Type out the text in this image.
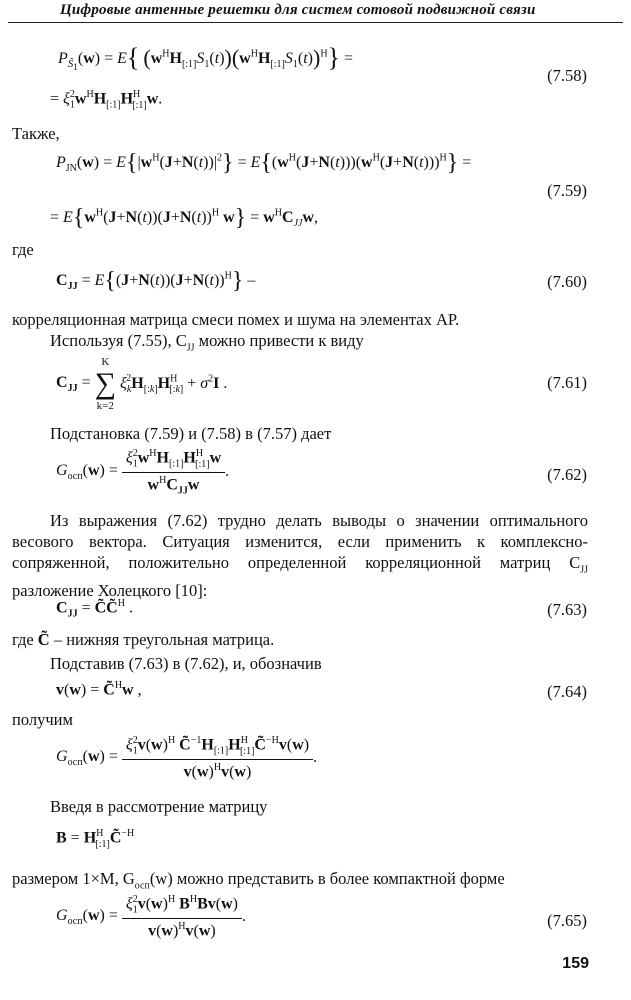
Цифровые антенные решетки для систем сотовой подвижной связи
$P_{S̃_1}(w) = E${ $(w^HH_{[:1]}S_1(t))(w^HH_{[:1]}S_1(t))^H$} =
(7.58)
= $\xi_1^2w^HH_{[:1]}H^H_{[:1]}w$.
Также,
$P_{JN}(w) = E\{|w^H(J+N(t))|^2\} = E\{(w^H(J+N(t)))(w^H(J+N(t)))^H\}$ =
(7.59)
= $E\{w^H(J+N(t))(J+N(t))^H$ $w\} = w^HC_{JJ}w$,
где
$C_{JJ} = E\{(J+N(t))(J+N(t))^H\}$ –	(7.60)
корреляционная матрица смеси помех и шума на элементах АР.
Используя (7.55), $C_{JJ}$ можно привести к виду
$C_{JJ}$ =
K
∑
k=2
$\xi_k^2H_{[:k]}H^H_{[:k]} + \sigma^2I$ .	(7.61)
Подстановка (7.59) и (7.58) в (7.57) дает
$G_{осп}(w) = \frac{\xi_1^2w^HH_{[:1]}H^H_{[:1]}w}{w^HC_{JJ}w}$ .	(7.62)
Из выражения (7.62) трудно делать выводы о значении оптимального весового вектора. Ситуация изменится, если применить к комплексно-сопряженной, положительно определенной корреляционной матриц $C_{JJ}$ разложение Холецкого [10]:
$C_{JJ}$ = C̃C̃$^H$ .	(7.63)
где C̃ – нижняя треугольная матрица.
Подставив (7.63) в (7.62), и, обозначив
v(w) = C̃$^H$w ,	(7.64)
получим
$G_{осп}(w) = \frac{\xi_1^2v(w)^H C̃^{-1}H_{[:1]}H^H_{[:1]}C̃^{-H}v(w)}{v(w)^Hv(w)}$ .
Введя в рассмотрение матрицу
$B = H^H_{[:1]}C̃^{-H}$
размером 1×M, $G_{осп}(w)$ можно представить в более компактной форме
$G_{осп}(w) = \frac{\xi_1^2v(w)^H B^HBv(w)}{v(w)^Hv(w)}$ .	(7.65)
159
